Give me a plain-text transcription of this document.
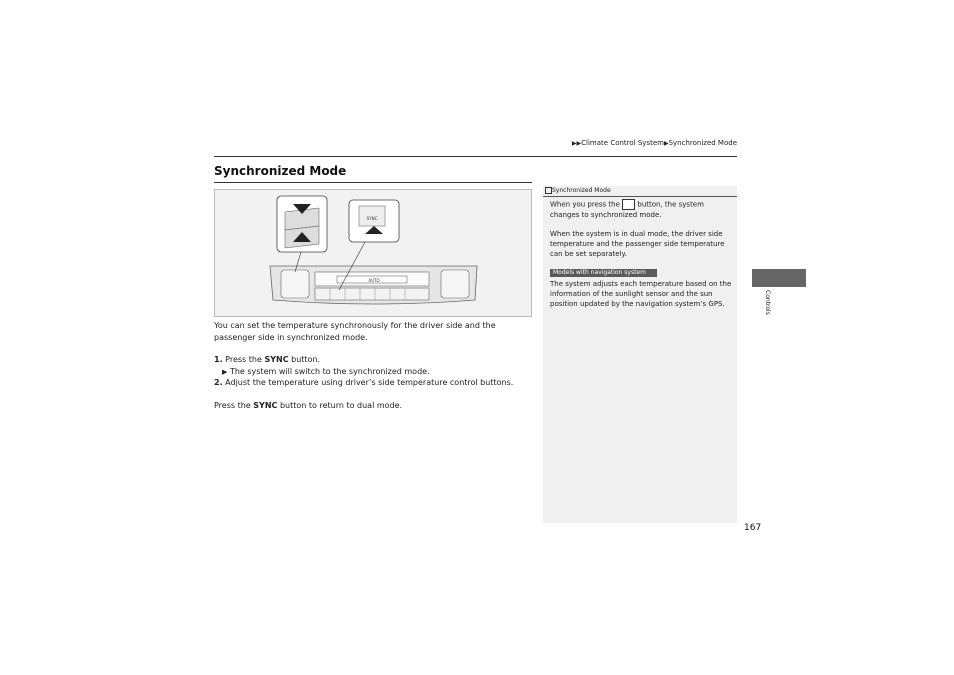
▶▶Climate Control System▶Synchronized Mode
Synchronized Mode
AUTO
SYNC
You can set the temperature synchronously for the driver side and the passenger side in synchronized mode.
1. Press the SYNC button.
▶ The system will switch to the synchronized mode.
2. Adjust the temperature using driver’s side temperature control buttons.
Press the SYNC button to return to dual mode.
Synchronized Mode
When you press the button, the system changes to synchronized mode.
When the system is in dual mode, the driver side temperature and the passenger side temperature can be set separately.
Models with navigation system
The system adjusts each temperature based on the information of the sunlight sensor and the sun position updated by the navigation system’s GPS.	Controls
167
